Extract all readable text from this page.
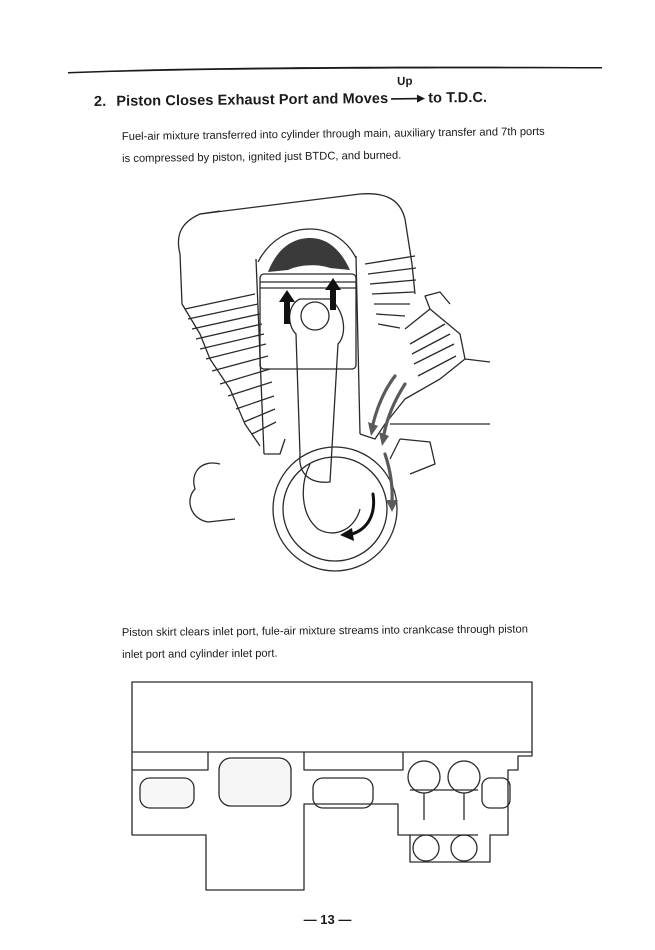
2. Piston Closes Exhaust Port and Moves
Up
to T.D.C.
Fuel-air mixture transferred into cylinder through main, auxiliary transfer and 7th ports
is compressed by piston, ignited just BTDC, and burned.
Piston skirt clears inlet port, fule-air mixture streams into crankcase through piston
inlet port and cylinder inlet port.
— 13 —
